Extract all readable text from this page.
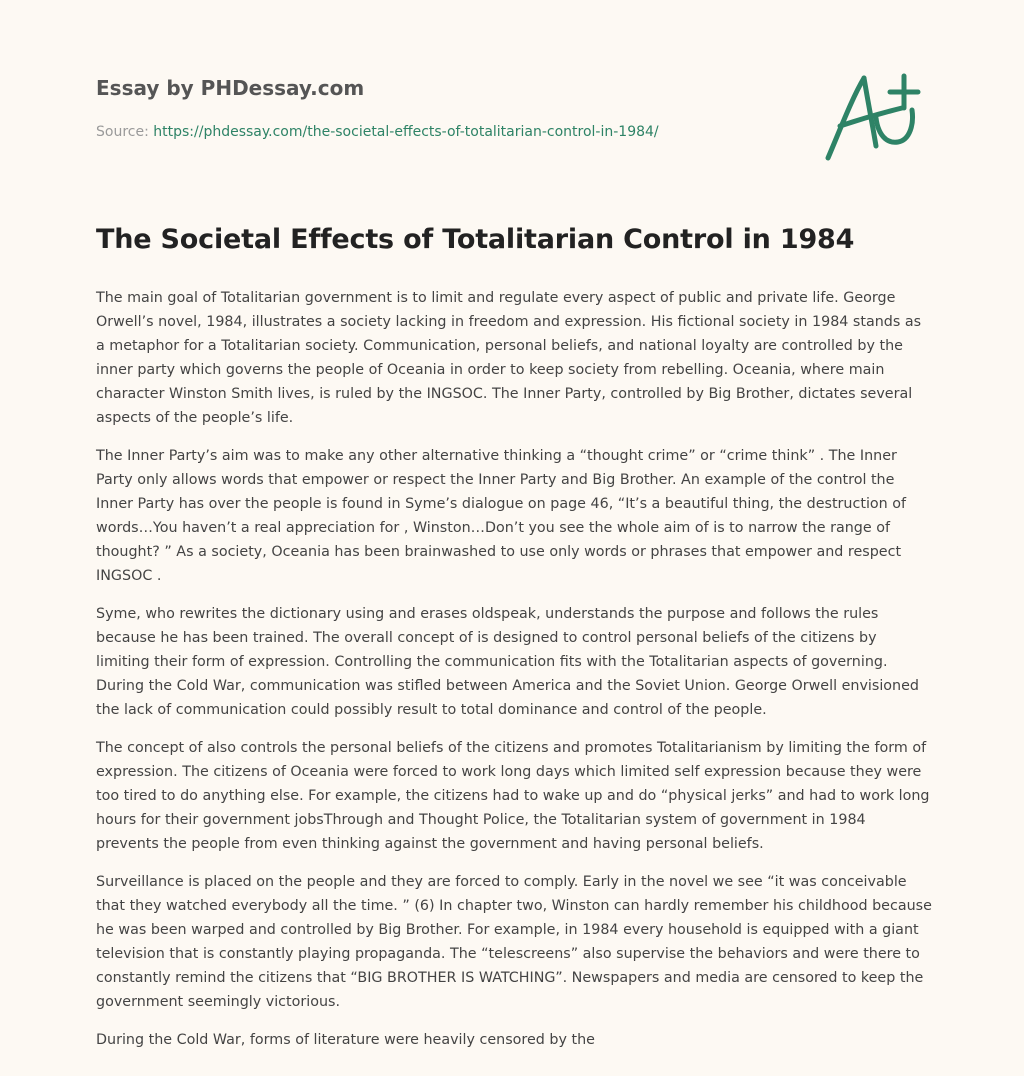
Essay by PHDessay.com
Source: https://phdessay.com/the-societal-effects-of-totalitarian-control-in-1984/
The Societal Effects of Totalitarian Control in 1984

The main goal of Totalitarian government is to limit and regulate every aspect of public and private life. George Orwell’s novel, 1984, illustrates a society lacking in freedom and expression. His fictional society in 1984 stands as a metaphor for a Totalitarian society. Communication, personal beliefs, and national loyalty are controlled by the inner party which governs the people of Oceania in order to keep society from rebelling. Oceania, where main character Winston Smith lives, is ruled by the INGSOC. The Inner Party, controlled by Big Brother, dictates several aspects of the people’s life.

The Inner Party’s aim was to make any other alternative thinking a “thought crime” or “crime think” . The Inner Party only allows words that empower or respect the Inner Party and Big Brother. An example of the control the Inner Party has over the people is found in Syme’s dialogue on page 46, “It’s a beautiful thing, the destruction of words…You haven’t a real appreciation for , Winston…Don’t you see the whole aim of is to narrow the range of thought? ” As a society, Oceania has been brainwashed to use only words or phrases that empower and respect INGSOC .

Syme, who rewrites the dictionary using and erases oldspeak, understands the purpose and follows the rules because he has been trained. The overall concept of is designed to control personal beliefs of the citizens by limiting their form of expression. Controlling the communication fits with the Totalitarian aspects of governing. During the Cold War, communication was stifled between America and the Soviet Union. George Orwell envisioned the lack of communication could possibly result to total dominance and control of the people.

The concept of also controls the personal beliefs of the citizens and promotes Totalitarianism by limiting the form of expression. The citizens of Oceania were forced to work long days which limited self expression because they were too tired to do anything else. For example, the citizens had to wake up and do “physical jerks” and had to work long hours for their government jobsThrough and Thought Police, the Totalitarian system of government in 1984 prevents the people from even thinking against the government and having personal beliefs.

Surveillance is placed on the people and they are forced to comply. Early in the novel we see “it was conceivable that they watched everybody all the time. ” (6) In chapter two, Winston can hardly remember his childhood because he was been warped and controlled by Big Brother. For example, in 1984 every household is equipped with a giant television that is constantly playing propaganda. The “telescreens” also supervise the behaviors and were there to constantly remind the citizens that “BIG BROTHER IS WATCHING”. Newspapers and media are censored to keep the government seemingly victorious.

During the Cold War, forms of literature were heavily censored by the
